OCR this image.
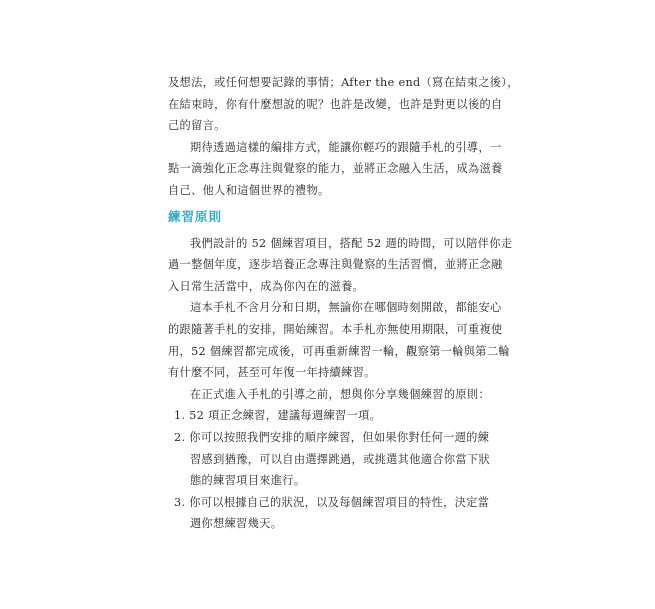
及想法，或任何想要記錄的事情；After the end（寫在結束之後），
在結束時，你有什麼想說的呢？也許是改變，也許是對更以後的自
己的留言。

期待透過這樣的編排方式，能讓你輕巧的跟隨手札的引導，一
點一滴強化正念專注與覺察的能力，並將正念融入生活，成為滋養
自己、他人和這個世界的禮物。

練習原則

我們設計的 52 個練習項目，搭配 52 週的時間，可以陪伴你走
過一整個年度，逐步培養正念專注與覺察的生活習慣，並將正念融
入日常生活當中，成為你內在的滋養。

這本手札不含月分和日期，無論你在哪個時刻開啟，都能安心
的跟隨著手札的安排，開始練習。本手札亦無使用期限，可重複使
用，52 個練習都完成後，可再重新練習一輪，觀察第一輪與第二輪
有什麼不同，甚至可年復一年持續練習。

在正式進入手札的引導之前，想與你分享幾個練習的原則：

1. 52 項正念練習，建議每週練習一項。
2. 你可以按照我們安排的順序練習，但如果你對任何一週的練
習感到猶豫，可以自由選擇跳過，或挑選其他適合你當下狀
態的練習項目來進行。
3. 你可以根據自己的狀況，以及每個練習項目的特性，決定當
週你想練習幾天。
